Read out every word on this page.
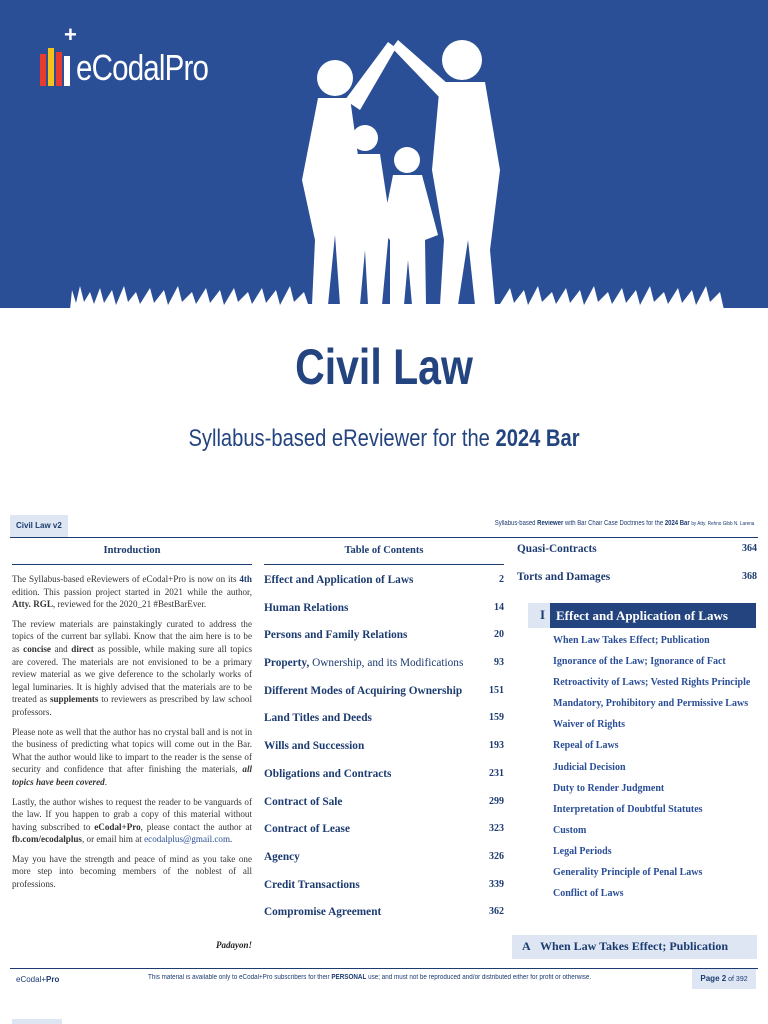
+
eCodalPro
Civil Law
Syllabus-based eReviewer for the 2024 Bar
Civil Law v2	Syllabus-based Reviewer with Bar Chair Case Doctrines for the 2024 Bar by Atty. Rehno Gibb N. Larena
Introduction

The Syllabus-based eReviewers of eCodal+Pro is now on its 4th edition. This passion project started in 2021 while the author, Atty. RGL, reviewed for the 2020_21 #BestBarEver.

The review materials are painstakingly curated to address the topics of the current bar syllabi. Know that the aim here is to be as concise and direct as possible, while making sure all topics are covered. The materials are not envisioned to be a primary review material as we give deference to the scholarly works of legal luminaries. It is highly advised that the materials are to be treated as supplements to reviewers as prescribed by law school professors.

Please note as well that the author has no crystal ball and is not in the business of predicting what topics will come out in the Bar. What the author would like to impart to the reader is the sense of security and confidence that after finishing the materials, all topics have been covered.

Lastly, the author wishes to request the reader to be vanguards of the law. If you happen to grab a copy of this material without having subscribed to eCodal+Pro, please contact the author at fb.com/ecodalplus, or email him at ecodalplus@gmail.com.

May you have the strength and peace of mind as you take one more step into becoming members of the noblest of all professions.

Padayon!
Table of Contents
Effect and Application of Laws	2
Human Relations	14
Persons and Family Relations	20
Property, Ownership, and its Modifications	93
Different Modes of Acquiring Ownership	151
Land Titles and Deeds	159
Wills and Succession	193
Obligations and Contracts	231
Contract of Sale	299
Contract of Lease	323
Agency	326
Credit Transactions	339
Compromise Agreement	362
Quasi-Contracts	364
Torts and Damages	368
I Effect and Application of Laws
When Law Takes Effect; Publication
Ignorance of the Law; Ignorance of Fact
Retroactivity of Laws; Vested Rights Principle
Mandatory, Prohibitory and Permissive Laws
Waiver of Rights
Repeal of Laws
Judicial Decision
Duty to Render Judgment
Interpretation of Doubtful Statutes
Custom
Legal Periods
Generality Principle of Penal Laws
Conflict of Laws
A When Law Takes Effect; Publication
eCodal+Pro	This material is available only to eCodal+Pro subscribers for their PERSONAL use; and must not be reproduced and/or distributed either for profit or otherwise.	Page 2 of 392
